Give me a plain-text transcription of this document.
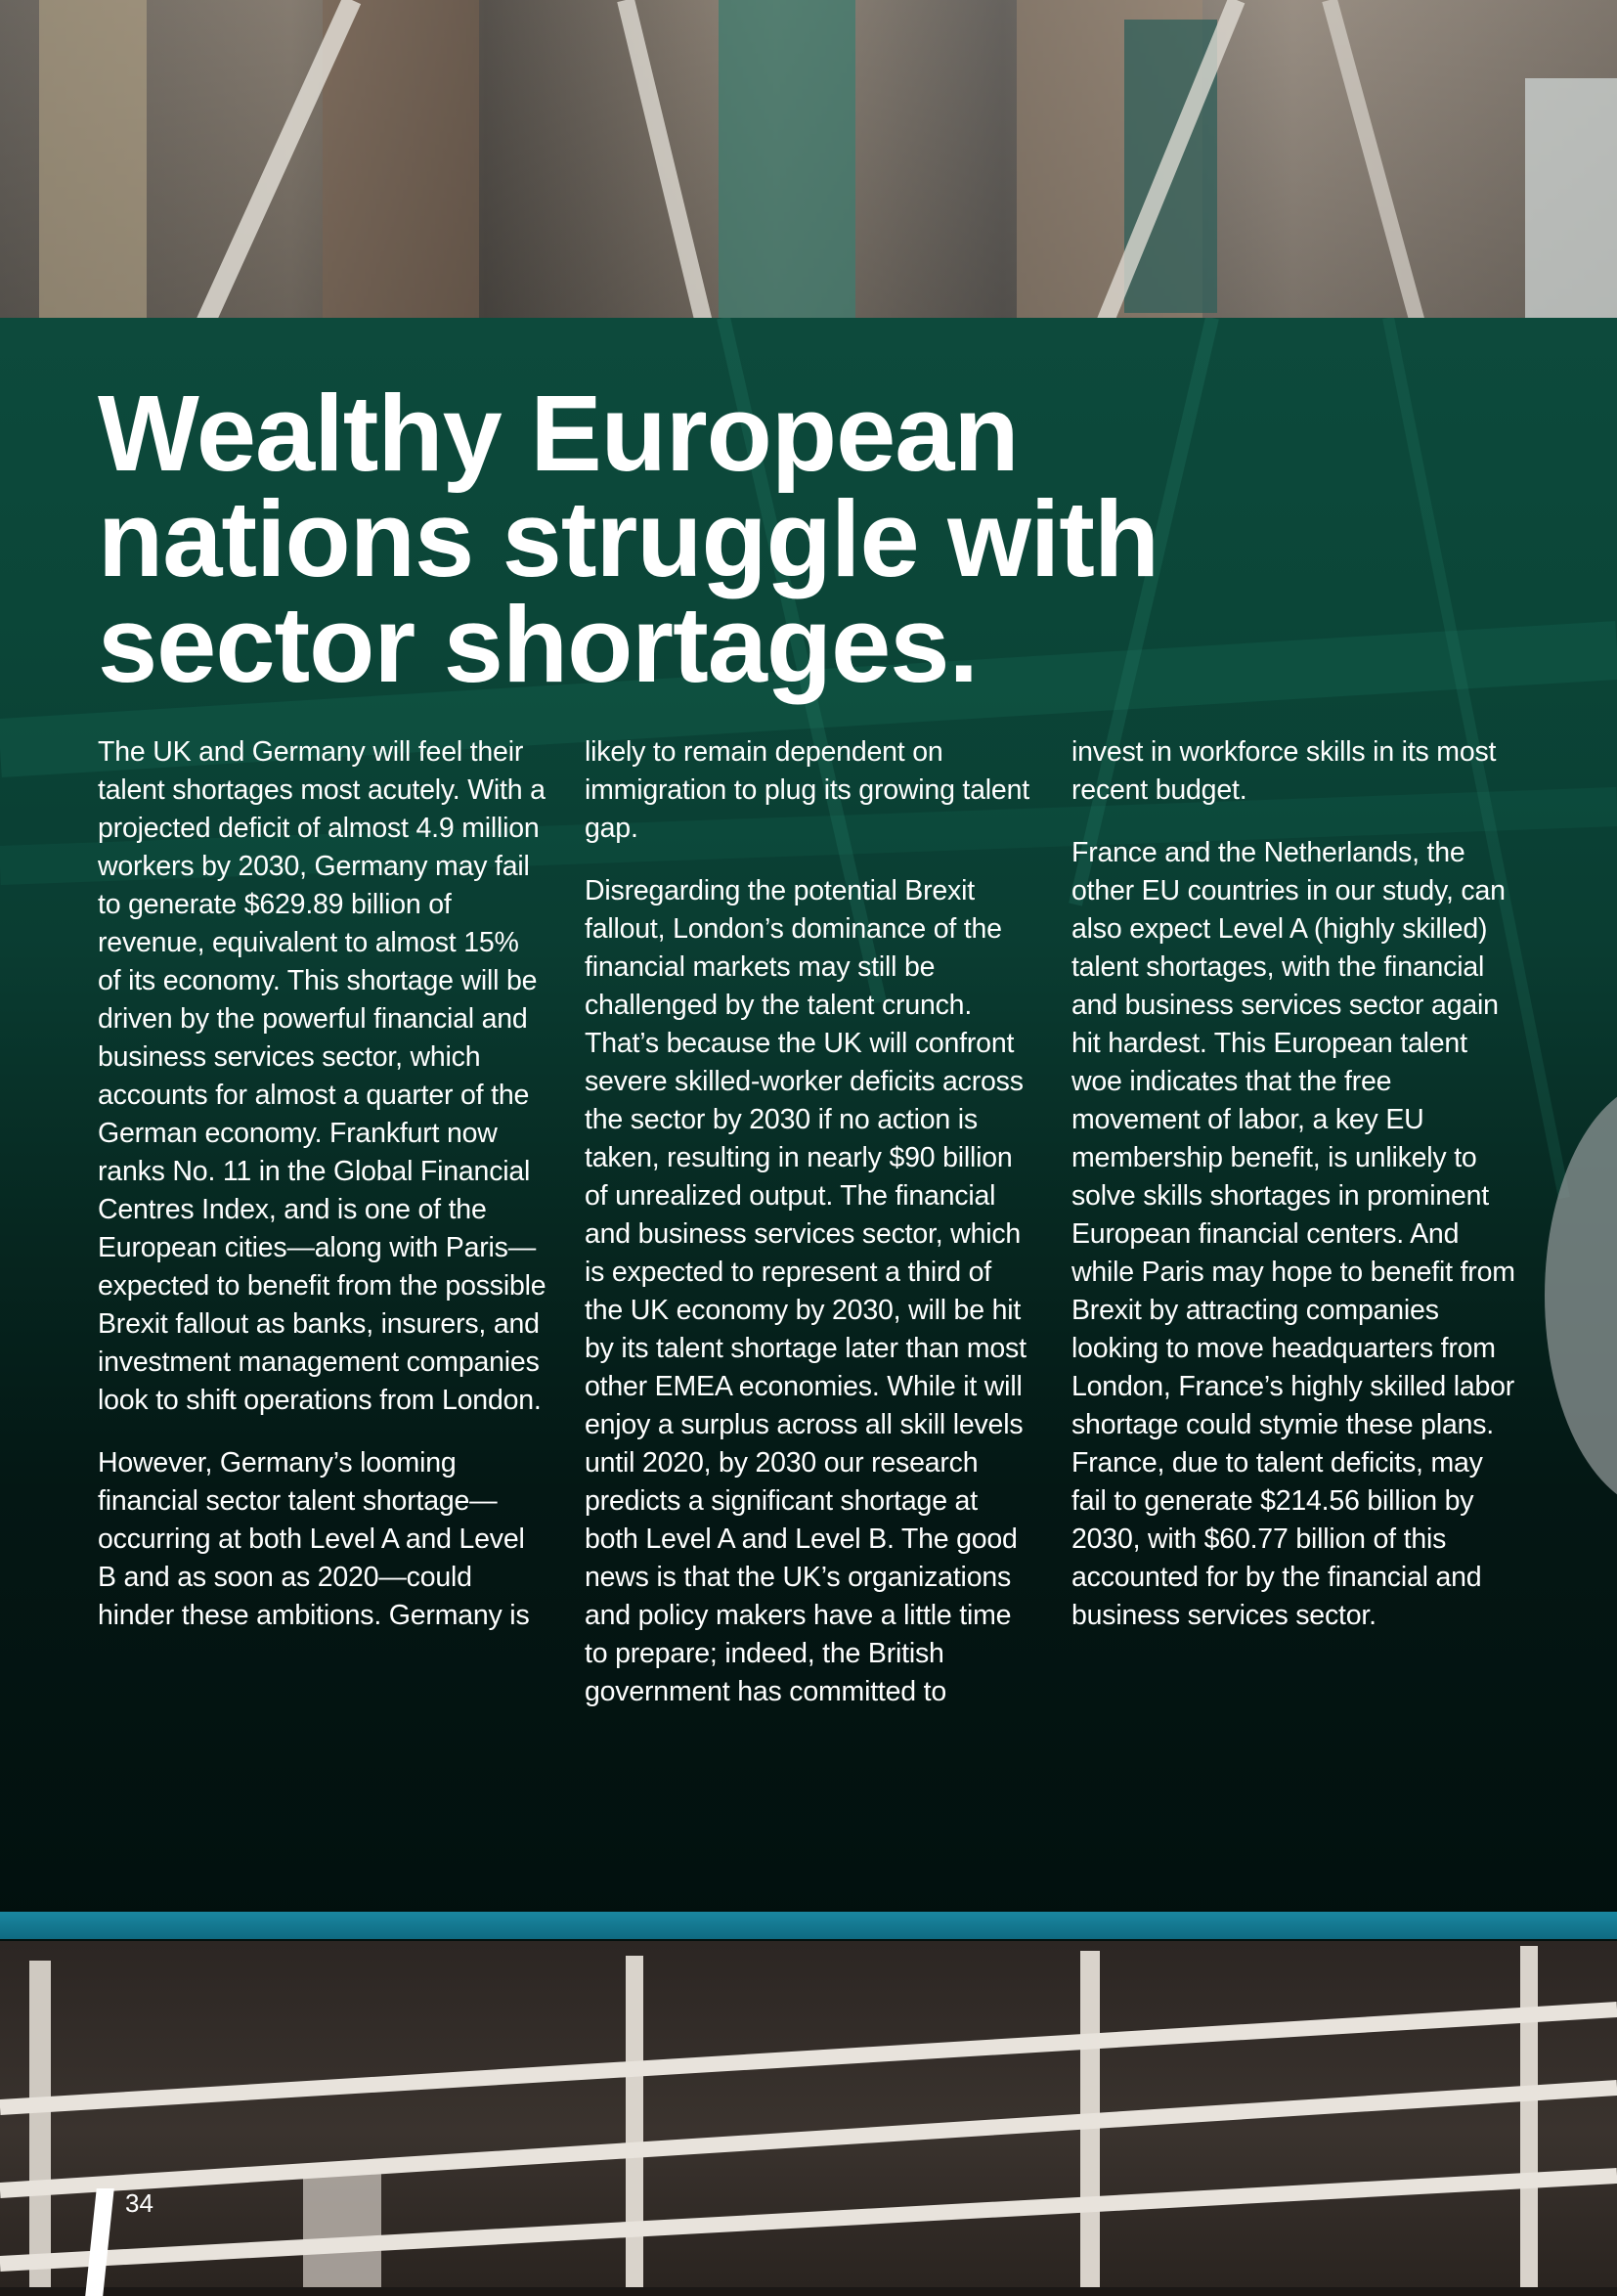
Wealthy European nations struggle with sector shortages.

The UK and Germany will feel their talent shortages most acutely. With a projected deficit of almost 4.9 million workers by 2030, Germany may fail to generate $629.89 billion of revenue, equivalent to almost 15% of its economy. This shortage will be driven by the powerful financial and business services sector, which accounts for almost a quarter of the German economy. Frankfurt now ranks No. 11 in the Global Financial Centres Index, and is one of the European cities—along with Paris—expected to benefit from the possible Brexit fallout as banks, insurers, and investment management companies look to shift operations from London.

However, Germany’s looming financial sector talent shortage—occurring at both Level A and Level B and as soon as 2020—could hinder these ambitions. Germany is

likely to remain dependent on immigration to plug its growing talent gap.

Disregarding the potential Brexit fallout, London’s dominance of the financial markets may still be challenged by the talent crunch. That’s because the UK will confront severe skilled-worker deficits across the sector by 2030 if no action is taken, resulting in nearly $90 billion of unrealized output. The financial and business services sector, which is expected to represent a third of the UK economy by 2030, will be hit by its talent shortage later than most other EMEA economies. While it will enjoy a surplus across all skill levels until 2020, by 2030 our research predicts a significant shortage at both Level A and Level B. The good news is that the UK’s organizations and policy makers have a little time to prepare; indeed, the British government has committed to

invest in workforce skills in its most recent budget.

France and the Netherlands, the other EU countries in our study, can also expect Level A (highly skilled) talent shortages, with the financial and business services sector again hit hardest. This European talent woe indicates that the free movement of labor, a key EU membership benefit, is unlikely to solve skills shortages in prominent European financial centers. And while Paris may hope to benefit from Brexit by attracting companies looking to move headquarters from London, France’s highly skilled labor shortage could stymie these plans. France, due to talent deficits, may fail to generate $214.56 billion by 2030, with $60.77 billion of this accounted for by the financial and business services sector.

34
